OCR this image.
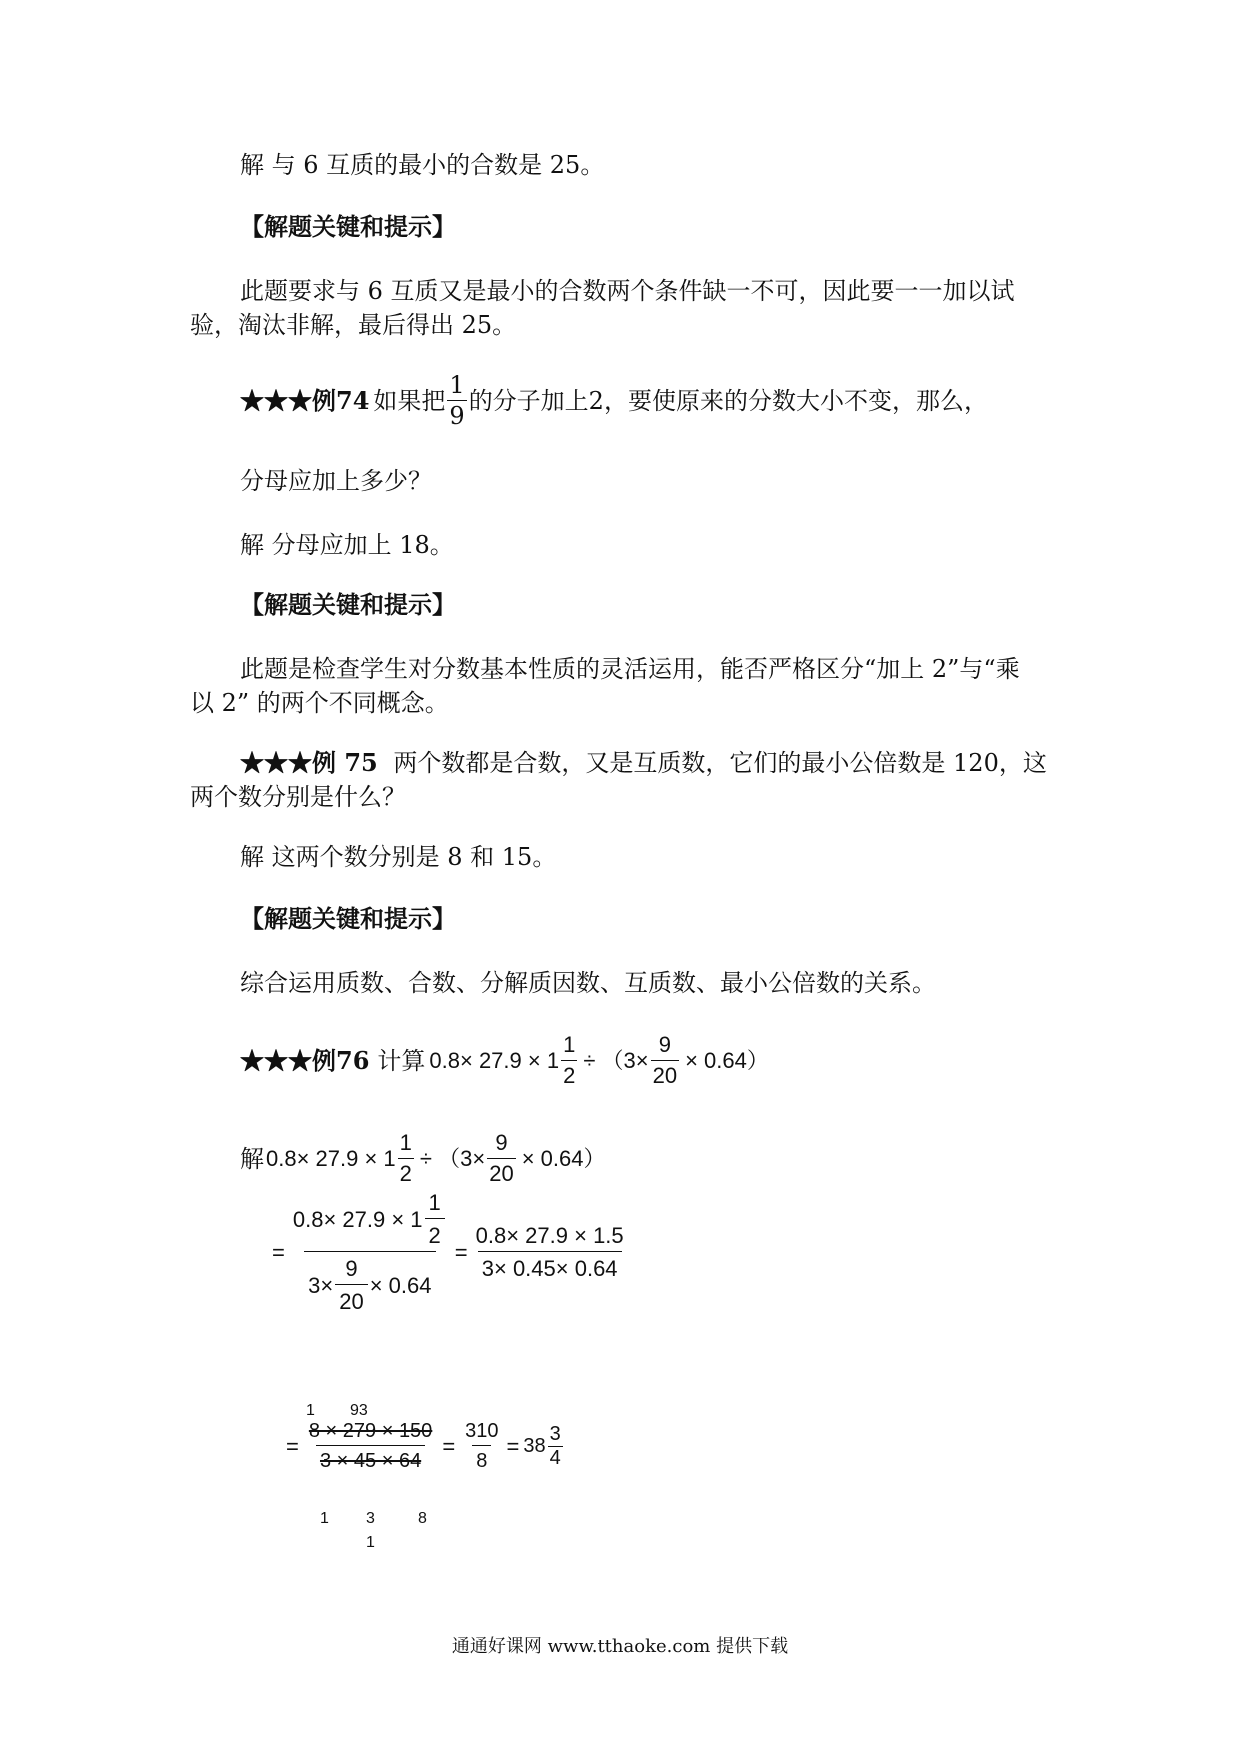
解 与 6 互质的最小的合数是 25。
【解题关键和提示】
此题要求与 6 互质又是最小的合数两个条件缺一不可，因此要一一加以试
验，淘汰非解，最后得出 25。
★★★例74 如果把 $\frac{1}{9}$ 的分子加上2，要使原来的分数大小不变，那么，
分母应加上多少？
解 分母应加上 18。
【解题关键和提示】
此题是检查学生对分数基本性质的灵活运用，能否严格区分“加上 2”与“乘
以 2” 的两个不同概念。
★★★例 75 两个数都是合数，又是互质数，它们的最小公倍数是 120，这
两个数分别是什么？
解 这两个数分别是 8 和 15。
【解题关键和提示】
综合运用质数、合数、分解质因数、互质数、最小公倍数的关系。
★★★例76 计算 $0.8\times 27.9 \times 1 \frac{1}{2} \div (3\times \frac{9}{20} \times 0.64)$
解 $0.8\times 27.9 \times 1 \frac{1}{2} \div (3\times \frac{9}{20} \times 0.64)$
= $\frac{0.8\times 27.9 \times 1 \frac{1}{2}}{3\times \frac{9}{20} \times 0.64} = \frac{0.8\times 27.9 \times 1.5}{3\times 0.45\times 0.64}$
= $\frac{8 \times 279 \times 150}{3 \times 45 \times 64} = \frac{310}{8} = 38 \frac{3}{4}$
1 93
1 3	8
1
通通好课网 www.tthaoke.com 提供下载
